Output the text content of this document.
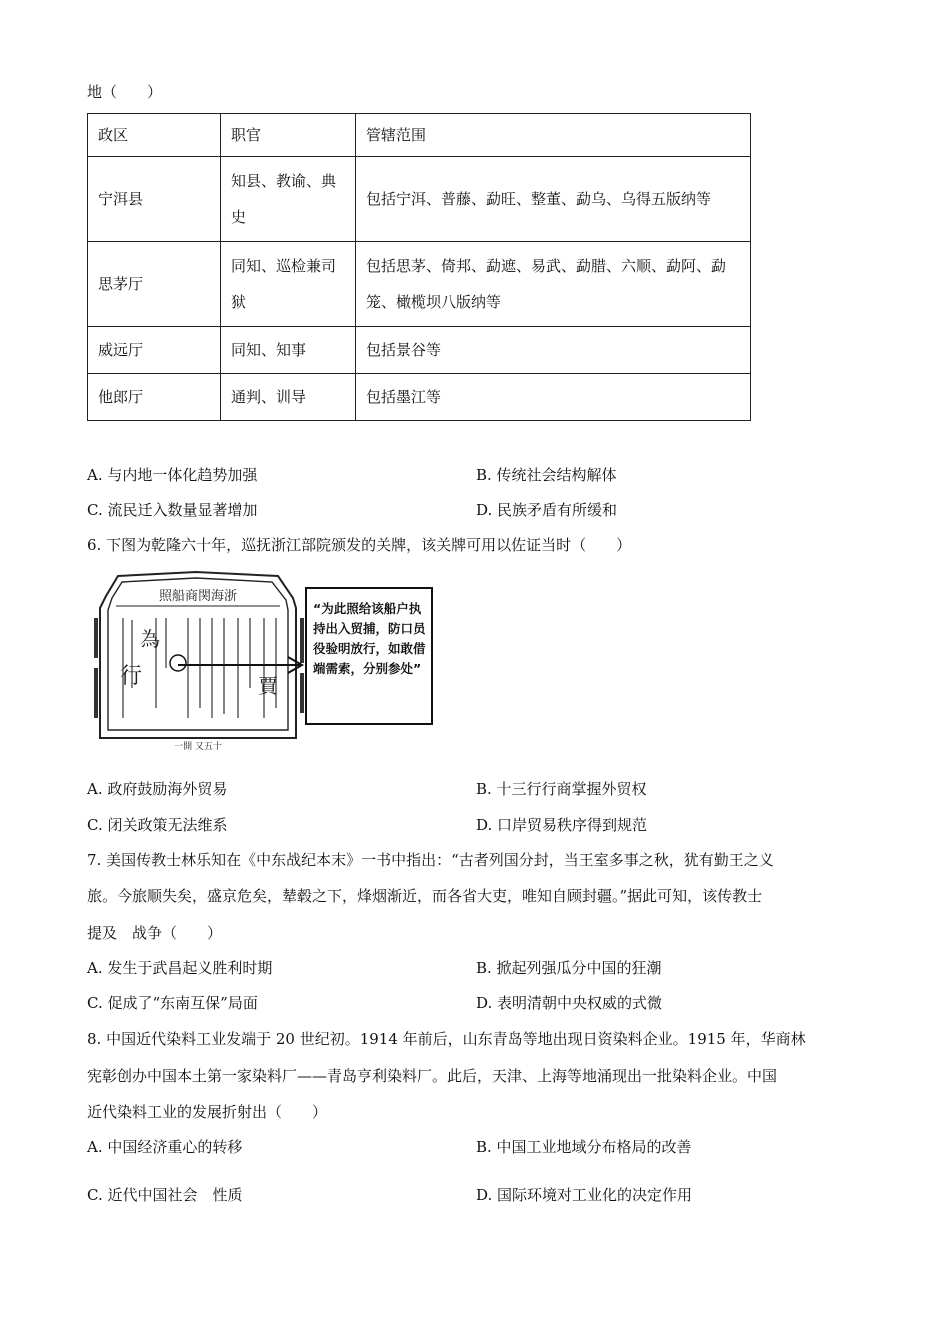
地（　　）
政区	职官	管辖范围
宁洱县	知县、教谕、典史	包括宁洱、普藤、勐旺、整董、勐乌、乌得五版纳等
思茅厅	同知、巡检兼司狱	包括思茅、倚邦、勐遮、易武、勐腊、六顺、勐阿、勐笼、橄榄坝八版纳等
威远厅	同知、知事	包括景谷等
他郎厅	通判、训导	包括墨江等
A. 与内地一体化趋势加强	B. 传统社会结构解体
C. 流民迁入数量显著增加	D. 民族矛盾有所缓和
6. 下图为乾隆六十年，巡抚浙江部院颁发的关牌，该关牌可用以佐证当时（　　）
照船商関海浙
行
為
賈
一開 又五十
“为此照给该船户执持出入贸捕，防口员役验明放行，如敢借端需索，分别参处”
A. 政府鼓励海外贸易	B. 十三行行商掌握外贸权
C. 闭关政策无法维系	D. 口岸贸易秩序得到规范
7. 美国传教士林乐知在《中东战纪本末》一书中指出：“古者列国分封，当王室多事之秋，犹有勤王之义
旅。今旅顺失矣，盛京危矣，辇毂之下，烽烟渐近，而各省大吏，唯知自顾封疆。”据此可知，该传教士
提及　战争（　　）
A. 发生于武昌起义胜利时期	B. 掀起列强瓜分中国的狂潮
C. 促成了“东南互保”局面	D. 表明清朝中央权威的式微
8. 中国近代染料工业发端于 20 世纪初。1914 年前后，山东青岛等地出现日资染料企业。1915 年，华商林
宪彰创办中国本土第一家染料厂——青岛亨利染料厂。此后，天津、上海等地涌现出一批染料企业。中国
近代染料工业的发展折射出（　　）
A. 中国经济重心的转移	B. 中国工业地域分布格局的改善
C. 近代中国社会　性质	D. 国际环境对工业化的决定作用
